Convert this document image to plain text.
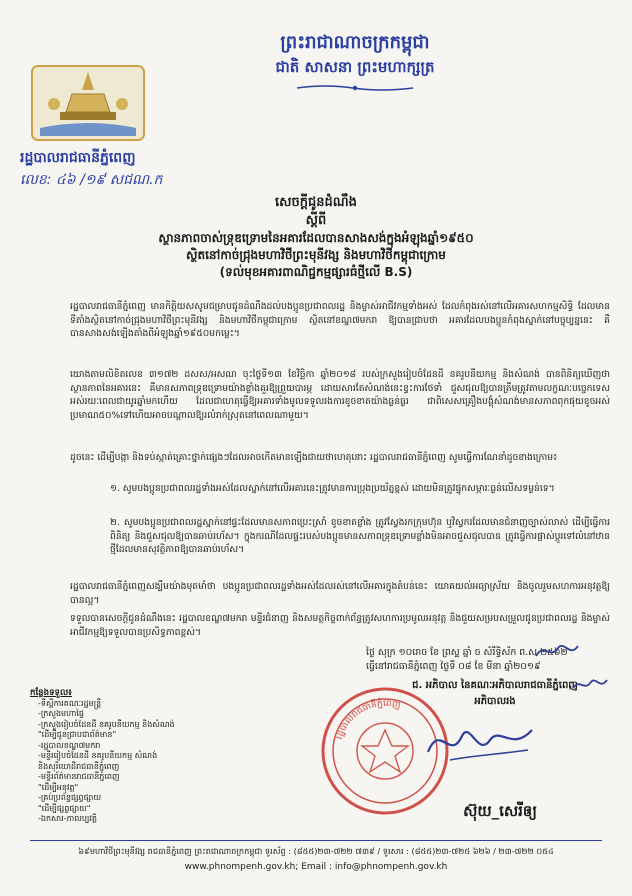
ព្រះរាជាណាចក្រកម្ពុជា
ជាតិ សាសនា ព្រះមហាក្សត្រ
រដ្ឋបាលរាជធានីភ្នំពេញ
លេខ: ៤៦ /១៩ សជណ.ក
សេចក្ដីជូនដំណឹង
ស្តីពី
ស្ថានភាពចាស់ទ្រុឌទ្រោមនៃអគារដែលបានសាងសង់ក្នុងអំឡុងឆ្នាំ១៩៥០
ស្ថិតនៅកាច់ជ្រុងមហាវិថីព្រះមុនីវង្ស និងមហាវិថីកម្ពុជាក្រោម
(ទល់មុខអគារពាណិជ្ជកម្មផ្សារធំថ្មីលើ B.S)
រដ្ឋបាលរាជធានីភ្នំពេញ មានកិត្តិយសសូមជម្រាបជូនដំណឹងដល់បងប្អូនប្រជាពលរដ្ឋ និងម្ចាស់អាជីវកម្មទាំងអស់ ដែលកំពុងរស់នៅលើអគារសហកម្មសិទ្ធិ ដែលមានទីតាំងស្ថិតនៅកាច់ជ្រុងមហាវិថីព្រះមុនីវង្ស និងមហាវិថីកម្ពុជាក្រោម ស្ថិតនៅខណ្ឌ៧មករា ឱ្យបានជ្រាបថា អគារដែលបងប្អូនកំពុងស្នាក់នៅបច្ចុប្បន្ននេះ គឺបានសាងសង់ឡើងតាំងពីអំឡុងឆ្នាំ១៩៥០មកម្លេះ។
យោងតាមលិខិតលេខ ៣១៧២ ដសស/អសណ ចុះថ្ងៃទី១៣ ខែវិច្ឆិកា ឆ្នាំ២០១៨ របស់ក្រសួងរៀបចំដែនដី នគរូបនីយកម្ម និងសំណង់ បានពិនិត្យឃើញថា ស្ថានភាពនៃអគារនេះ គឺមានសភាពទ្រុឌទ្រោមយ៉ាងខ្លាំងគួរឱ្យព្រួយបារម្ភ ដោយសារតែសំណង់នេះខ្វះការថែទាំ ជួសជុលឱ្យបានត្រឹមត្រូវតាមលក្ខណៈបច្ចេកទេសអស់រយៈពេលជាយូរឆ្នាំមកហើយ ដែលជាហេតុធ្វើឱ្យអគារទាំងមូលទទួលរងការខូចខាតយ៉ាងធ្ងន់ធ្ងរ ជាពិសេសគ្រឿងបង្គុំសំណង់មានសភាពពុកផុយខូចអស់ប្រមាណ៥០%ទៅហើយអាចបណ្ដាលឱ្យរលំរាក់ស្រុតនៅពេលណាមួយ។
ដូចនេះ ដើម្បីបង្កា និងទប់ស្កាត់គ្រោះថ្នាក់ផ្សេងៗដែលអាចកើតមានឡើងជាយថាហេតុនោះ រដ្ឋបាលរាជធានីភ្នំពេញ សូមធ្វើការណែនាំដូចខាងក្រោម៖
១. សូមបងប្អូនប្រជាពលរដ្ឋទាំងអស់ដែលស្នាក់នៅលើអគារនេះត្រូវមានការប្រុងប្រយ័ត្នខ្ពស់ ដោយមិនត្រូវផ្ទុកសម្ភារៈធ្ងន់លើសទម្ងន់ទេ។
២. សូមបងប្អូនប្រជាពលរដ្ឋស្នាក់នៅផ្ទះដែលមានសភាពប្រេះស្រាំ ខូចខាតខ្លាំង ត្រូវស្វែងរកក្រុមហ៊ុន ឬវិស្វករដែលមានជំនាញច្បាស់លាស់ ដើម្បីធ្វើការពិនិត្យ និងជួសជុលឱ្យបានឆាប់រហ័ស។ ក្នុងករណីដែលផ្ទះរបស់បងប្អូនមានសភាពទ្រុឌទ្រោមខ្លាំងមិនអាចជួសជុលបាន ត្រូវធ្វើការផ្លាស់ប្ដូរទៅលំនៅឋានថ្មីដែលមានសុវត្ថិភាពឱ្យបានឆាប់រហ័ស។
រដ្ឋបាលរាជធានីភ្នំពេញសង្ឃឹមយ៉ាងមុតមាំថា បងប្អូនប្រជាពលរដ្ឋទាំងអស់ដែលរស់នៅលើអគារក្នុងតំបន់នេះ យោគយល់អធ្យាស្រ័យ និងចូលរួមសហការអនុវត្តឱ្យបានល្អ។
ទទួលបានសេចក្តីជូនដំណឹងនេះ រដ្ឋបាលខណ្ឌ៧មករា មន្ទីរជំនាញ និងសមត្ថកិច្ចពាក់ព័ន្ធត្រូវសហការប្រមូលអនុវត្ត និងជួយសម្របសម្រួលជូនប្រជាពលរដ្ឋ និងម្ចាស់អាជីវកម្មឱ្យទទួលបានប្រសិទ្ធភាពខ្ពស់។
ថ្ងៃ សុក្រ ១០រោច ខែ ព្រស្ឋ ឆ្នាំ ច សំរឹទ្ធិស័ក ព.ស ២៥៦២
ធ្វើនៅរាជធានីភ្នំពេញ ថ្ងៃទី ០៨ ខែ មីនា ឆ្នាំ២០១៩
ជ. អភិបាល នៃគណៈអភិបាលរាជធានីភ្នំពេញ
អភិបាលរង
រដ្ឋបាលរាជធានីភ្នំពេញ
ស៊ុយ_សេរីឲ្យ
កន្លែងទទួល៖
-ទីស្តីការគណៈរដ្ឋមន្ត្រី
-ក្រសួងមហាផ្ទៃ
-ក្រសួងរៀបចំដែនដី នគរូបនីយកម្ម និងសំណង់
"ដើម្បីជូនជ្រាបជាព័ត៌មាន"
-រដ្ឋបាលខណ្ឌ៧មករា
-មន្ទីររៀបចំដែនដី នគរូបនីយកម្ម សំណង់
និងសុរិយោដីរាជធានីភ្នំពេញ
-មន្ទីរព័ត៌មានរាជធានីភ្នំពេញ
"ដើម្បីអនុវត្ត"
-គ្រប់ប្រព័ន្ធផ្សព្វផ្សាយ
"ដើម្បីផ្សព្វផ្សាយ"
-ឯកសារ-កាលប្បវត្តិ
៦៩មហាវិថីព្រះមុនីវង្ស រាជធានីភ្នំពេញ ព្រះរាជាណាចក្រកម្ពុជា ទូរស័ព្ទ : (៨៥៥)២៣-៧២២ ៧៣៩ / ទូរសារ : (៨៥៥)២៣-៧២៥ ៦២៦ / ២៣-៧២២ ០៥៤
www.phnompenh.gov.kh; Email : info@phnompenh.gov.kh
